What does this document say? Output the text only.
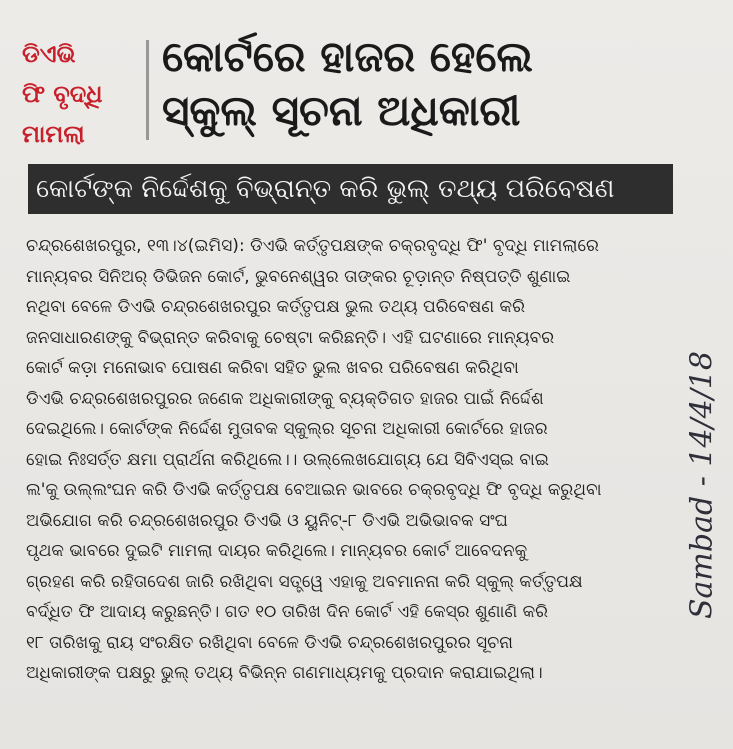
ଡିଏଭି
ଫି ବୃଦ୍ଧି
ମାମଲା
କୋର୍ଟରେ ହାଜର ହେଲେ
ସ୍କୁଲ୍ ସୂଚନା ଅଧିକାରୀ
କୋର୍ଟଙ୍କ ନିର୍ଦ୍ଦେଶକୁ ବିଭ୍ରାନ୍ତ କରି ଭୁଲ୍ ତଥ୍ୟ ପରିବେଷଣ
ଚନ୍ଦ୍ରଶେଖରପୁର, ୧୩।୪(ଇମିସ): ଡିଏଭି କର୍ତ୍ତୃପକ୍ଷଙ୍କ ଚକ୍ରବୃଦ୍ଧି ଫି' ବୃଦ୍ଧି ମାମଲାରେ
ମାନ୍ୟବର ସିନିଅର୍ ଡିଭିଜନ କୋର୍ଟ, ଭୁବନେଶ୍ୱର ତାଙ୍କର ଚୂଡ଼ାନ୍ତ ନିଷ୍ପତ୍ତି ଶୁଣାଇ
ନଥିବା ବେଳେ ଡିଏଭି ଚନ୍ଦ୍ରଶେଖରପୁର କର୍ତ୍ତୃପକ୍ଷ ଭୁଲ ତଥ୍ୟ ପରିବେଷଣ କରି
ଜନସାଧାରଣଙ୍କୁ ବିଭ୍ରାନ୍ତ କରିବାକୁ ଚେଷ୍ଟା କରିଛନ୍ତି। ଏହି ଘଟଣାରେ ମାନ୍ୟବର
କୋର୍ଟ କଡ଼ା ମନୋଭାବ ପୋଷଣ କରିବା ସହିତ ଭୁଲ ଖବର ପରିବେଷଣ କରିଥିବା
ଡିଏଭି ଚନ୍ଦ୍ରଶେଖରପୁରର ଜଣେକ ଅଧିକାରୀଙ୍କୁ ବ୍ୟକ୍ତିଗତ ହାଜର ପାଇଁ ନିର୍ଦ୍ଦେଶ
ଦେଇଥିଲେ। କୋର୍ଟଙ୍କ ନିର୍ଦ୍ଦେଶ ମୁତାବକ ସ୍କୁଲ୍ର ସୂଚନା ଅଧିକାରୀ କୋର୍ଟରେ ହାଜର
ହୋଇ ନିଃସର୍ତ୍ତ କ୍ଷମା ପ୍ରାର୍ଥନା କରିଥିଲେ।। ଉଲ୍ଲେଖଯୋଗ୍ୟ ଯେ ସିବିଏସ୍ଇ ବାଇ
ଲ'କୁ ଉଲ୍ଲଂଘନ କରି ଡିଏଭି କର୍ତ୍ତୃପକ୍ଷ ବେଆଇନ ଭାବରେ ଚକ୍ରବୃଦ୍ଧି ଫି ବୃଦ୍ଧି କରୁଥିବା
ଅଭିଯୋଗ କରି ଚନ୍ଦ୍ରଶେଖରପୁର ଡିଏଭି ଓ ୟୁନିଟ୍-୮ ଡିଏଭି ଅଭିଭାବକ ସଂଘ
ପୃଥକ ଭାବରେ ଦୁଇଟି ମାମଲା ଦାୟର କରିଥିଲେ। ମାନ୍ୟବର କୋର୍ଟ ଆବେଦନକୁ
ଗ୍ରହଣ କରି ରହିତାଦେଶ ଜାରି ରଖିଥିବା ସତ୍ତ୍ୱେ ଏହାକୁ ଅବମାନନା କରି ସ୍କୁଲ୍ କର୍ତ୍ତୃପକ୍ଷ
ବର୍ଦ୍ଧିତ ଫି ଆଦାୟ କରୁଛନ୍ତି। ଗତ ୧୦ ତାରିଖ ଦିନ କୋର୍ଟ ଏହି କେସ୍ର ଶୁଣାଣି କରି
୧୮ ତାରିଖକୁ ରାୟ ସଂରକ୍ଷିତ ରଖିଥିବା ବେଳେ ଡିଏଭି ଚନ୍ଦ୍ରଶେଖରପୁରର ସୂଚନା
ଅଧିକାରୀଙ୍କ ପକ୍ଷରୁ ଭୁଲ୍ ତଥ୍ୟ ବିଭିନ୍ନ ଗଣମାଧ୍ୟମକୁ ପ୍ରଦାନ କରାଯାଇଥିଲା।
Sambad - 14/4/18
